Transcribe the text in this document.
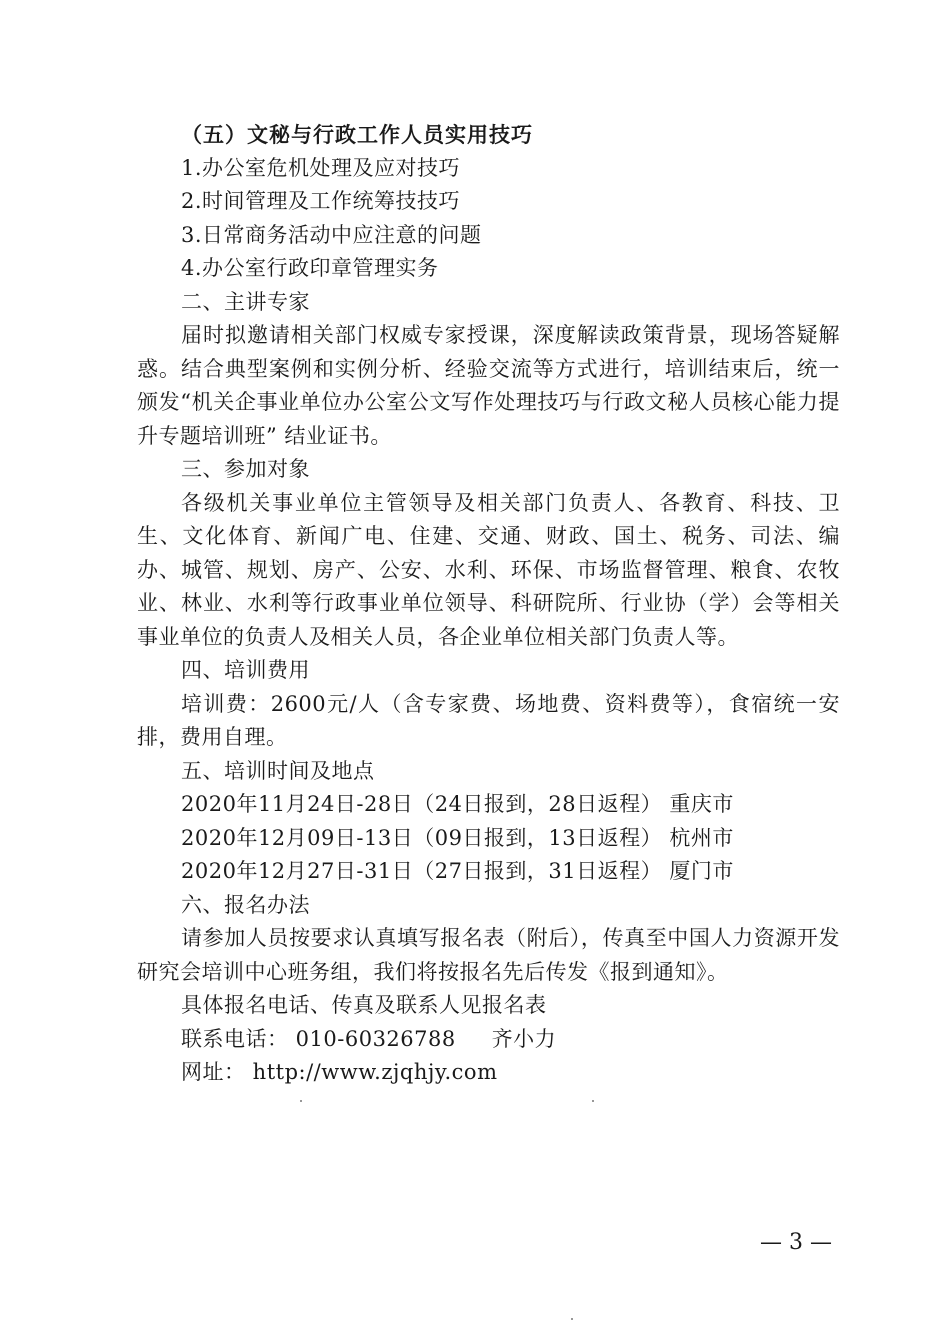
（五）文秘与行政工作人员实用技巧
1.办公室危机处理及应对技巧
2.时间管理及工作统筹技技巧
3.日常商务活动中应注意的问题
4.办公室行政印章管理实务
二、主讲专家

届时拟邀请相关部门权威专家授课，深度解读政策背景，现场答疑解惑。结合典型案例和实例分析、经验交流等方式进行，培训结束后，统一颁发“机关企事业单位办公室公文写作处理技巧与行政文秘人员核心能力提升专题培训班” 结业证书。

三、参加对象

各级机关事业单位主管领导及相关部门负责人、各教育、科技、卫生、文化体育、新闻广电、住建、交通、财政、国土、税务、司法、编办、城管、规划、房产、公安、水利、环保、市场监督管理、粮食、农牧业、林业、水利等行政事业单位领导、科研院所、行业协（学）会等相关事业单位的负责人及相关人员，各企业单位相关部门负责人等。

四、培训费用

培训费：2600元/人（含专家费、场地费、资料费等），食宿统一安排，费用自理。

五、培训时间及地点
2020年11月24日-28日（24日报到，28日返程） 重庆市
2020年12月09日-13日（09日报到，13日返程） 杭州市
2020年12月27日-31日（27日报到，31日返程） 厦门市
六、报名办法

请参加人员按要求认真填写报名表（附后），传真至中国人力资源开发研究会培训中心班务组，我们将按报名先后传发《报到通知》。

具体报名电话、传真及联系人见报名表
联系电话： 010-60326788     齐小力
网址： http://www.zjqhjy.com
— 3 —
